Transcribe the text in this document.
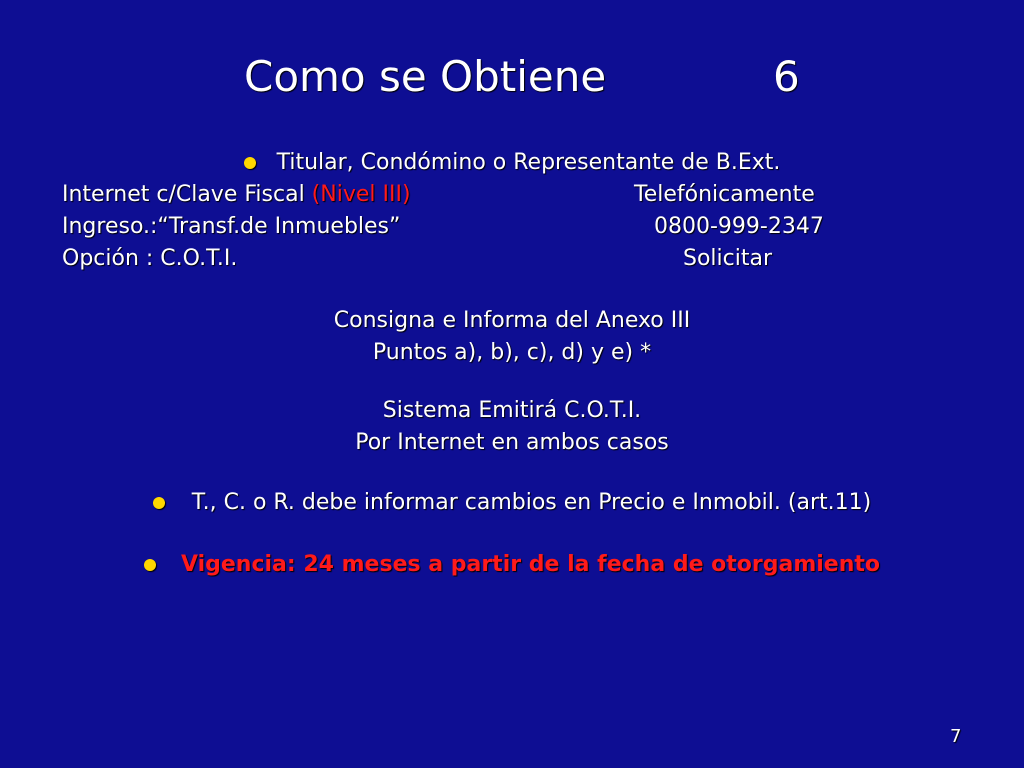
Como se Obtiene	6
Titular, Condómino o Representante de B.Ext.
Internet c/Clave Fiscal (Nivel III)	Telefónicamente
Ingreso.:“Transf.de Inmuebles”	0800-999-2347
Opción : C.O.T.I.	Solicitar
Consigna e Informa del Anexo III
Puntos a), b), c), d) y e) *
Sistema Emitirá C.O.T.I.
Por Internet en ambos casos
T., C. o R. debe informar cambios en Precio e Inmobil. (art.11)
Vigencia: 24 meses a partir de la fecha de otorgamiento
7
